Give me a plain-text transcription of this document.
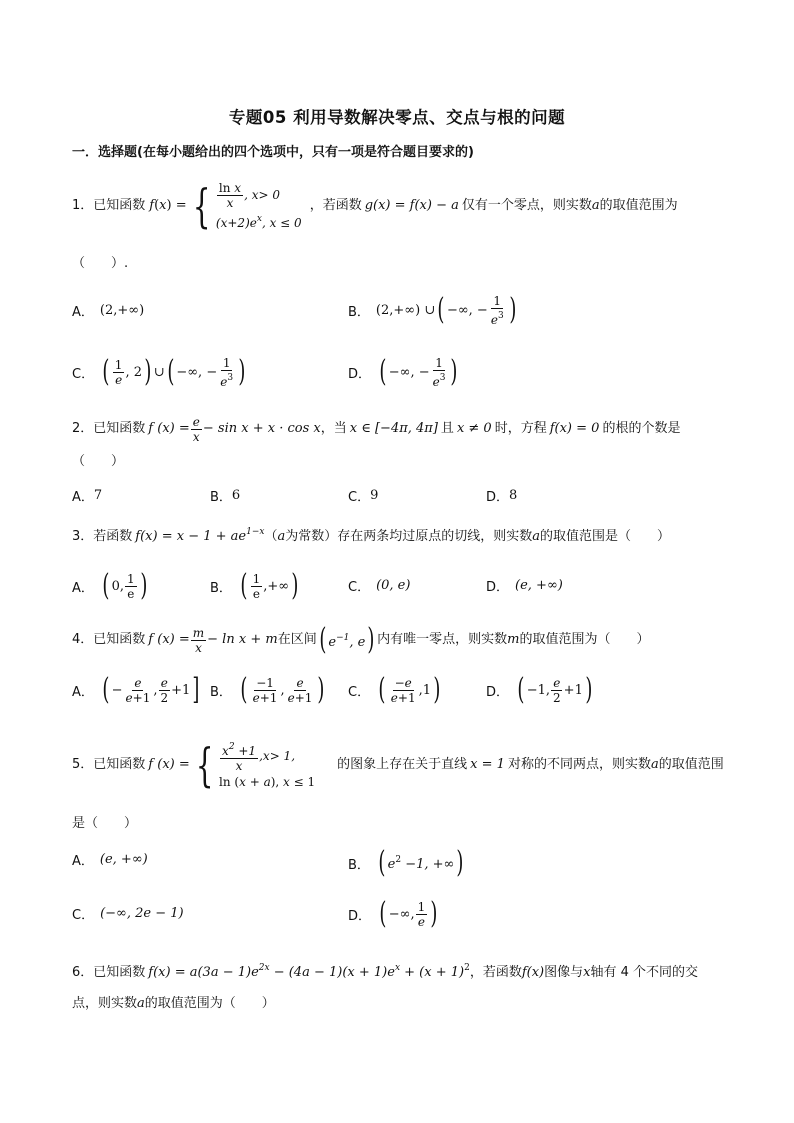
专题05 利用导数解决零点、交点与根的问题
一．选择题(在每小题给出的四个选项中，只有一项是符合题目要求的)
1．已知函数 f ( x ) = { $\frac{\text{ln x}}{x}$ , x > 0
$(x+2)e^x$, x ≤ 0
，若函数 g(x) = f(x) − a 仅有一个零点，则实数 a 的取值范围为
（　　）.
A． (2,+∞)	B． (2,+∞) ∪ ( −∞, − $\frac{1}{e^3}$ )
C． ( $\frac{1}{e}$ , 2 ) ∪ ( −∞, − $\frac{1}{e^3}$ )	D． ( −∞, − $\frac{1}{e^3}$ )
2．已知函数 f $(x) = \frac{e}{x} - \sin x + x \cdot \cos x$ ，当 x ∈ [−4π, 4π] 且 x ≠ 0 时，方程 f(x) = 0 的根的个数是
（　　）
A． 7	B． 6	C． 9	D． 8
3．若函数 $f(x) = x - 1 + ae^{1-x}(a$为常数）存在两条均过原点的切线，则实数a的取值范围是（　　）
A． ( 0, $\frac{1}{e}$ )	B． ( $\frac{1}{e}$ ,+∞ )	C． (0, e)	D． (e, +∞)
4．已知函数 f $(x) = \frac{m}{x} - \ln x + m$ 在区间 ( $e^{-1}$, e ) 内有唯一零点，则实数 m 的取值范围为（　　）
A． ( − $\frac{e}{e+1}$ , $\frac{e}{2} +1$ ] B． ( $\frac{-1}{e+1}$ , $\frac{e}{e+1}$ ) C． ( $\frac{-e}{e+1} ,1$ )	D． ( −1, $\frac{e}{2} +1$ )
5．已知函数 f (x) = { $\frac{x^2 +1}{x}$ , x > 1,
ln (x + a), x ≤ 1
的图象上存在关于直线 x = 1 对称的不同两点，则实数 a 的取值范围
是（　　）
A． (e, +∞)	B． ( $e^2 -1$, +∞ )
C． (−∞, 2e − 1)	D． ( −∞, $\frac{1}{e}$ )
6．已知函数 $f(x) = a(3a - 1)e^{2x} - (4a - 1)(x + 1)e^x + (x + 1)^2$，若函数f(x)图像与x轴有 4 个不同的交
点，则实数a的取值范围为（　　）
